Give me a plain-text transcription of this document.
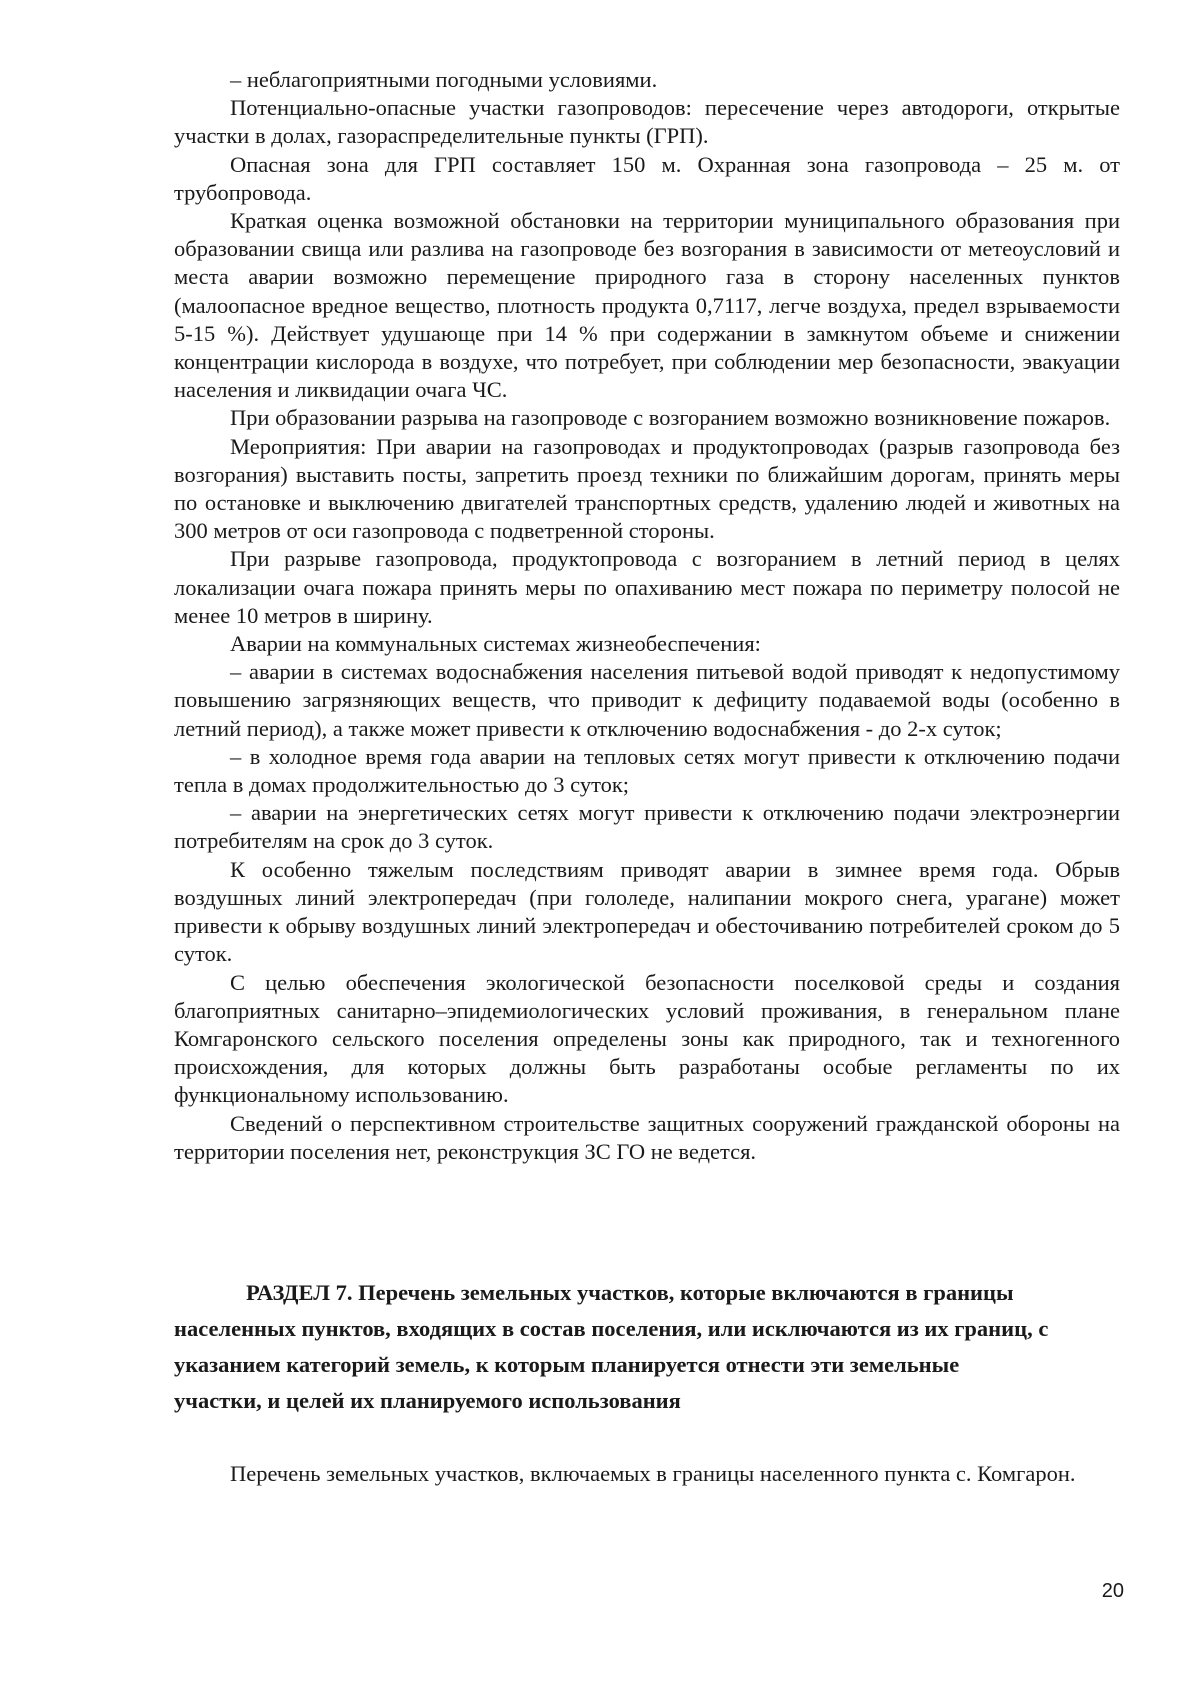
– неблагоприятными погодными условиями.

Потенциально-опасные участки газопроводов: пересечение через автодороги, открытые участки в долах, газораспределительные пункты (ГРП).

Опасная зона для ГРП составляет 150 м. Охранная зона газопровода – 25 м. от трубопровода.

Краткая оценка возможной обстановки на территории муниципального образования при образовании свища или разлива на газопроводе без возгорания в зависимости от метеоусловий и места аварии возможно перемещение природного газа в сторону населенных пунктов (малоопасное вредное вещество, плотность продукта 0,7117, легче воздуха, предел взрываемости 5-15 %). Действует удушающе при 14 % при содержании в замкнутом объеме и снижении концентрации кислорода в воздухе, что потребует, при соблюдении мер безопасности, эвакуации населения и ликвидации очага ЧС.

При образовании разрыва на газопроводе с возгоранием возможно возникновение пожаров.

Мероприятия: При аварии на газопроводах и продуктопроводах (разрыв газопровода без возгорания) выставить посты, запретить проезд техники по ближайшим дорогам, принять меры по остановке и выключению двигателей транспортных средств, удалению людей и животных на 300 метров от оси газопровода с подветренной стороны.

При разрыве газопровода, продуктопровода с возгоранием в летний период в целях локализации очага пожара принять меры по опахиванию мест пожара по периметру полосой не менее 10 метров в ширину.

Аварии на коммунальных системах жизнеобеспечения:

– аварии в системах водоснабжения населения питьевой водой приводят к недопустимому повышению загрязняющих веществ, что приводит к дефициту подаваемой воды (особенно в летний период), а также может привести к отключению водоснабжения - до 2-х суток;

– в холодное время года аварии на тепловых сетях могут привести к отключению подачи тепла в домах продолжительностью до 3 суток;

– аварии на энергетических сетях могут привести к отключению подачи электроэнергии потребителям на срок до 3 суток.

К особенно тяжелым последствиям приводят аварии в зимнее время года. Обрыв воздушных линий электропередач (при гололеде, налипании мокрого снега, урагане) может привести к обрыву воздушных линий электропередач и обесточиванию потребителей сроком до 5 суток.

С целью обеспечения экологической безопасности поселковой среды и создания благоприятных санитарно–эпидемиологических условий проживания, в генеральном плане Комгаронского сельского поселения определены зоны как природного, так и техногенного происхождения, для которых должны быть разработаны особые регламенты по их функциональному использованию.

Сведений о перспективном строительстве защитных сооружений гражданской обороны на территории поселения нет, реконструкция ЗС ГО не ведется.

РАЗДЕЛ 7. Перечень земельных участков, которые включаются в границы

населенных пунктов, входящих в состав поселения, или исключаются из их границ, с

указанием категорий земель, к которым планируется отнести эти земельные

участки, и целей их планируемого использования

Перечень земельных участков, включаемых в границы населенного пункта с. Комгарон.

20
